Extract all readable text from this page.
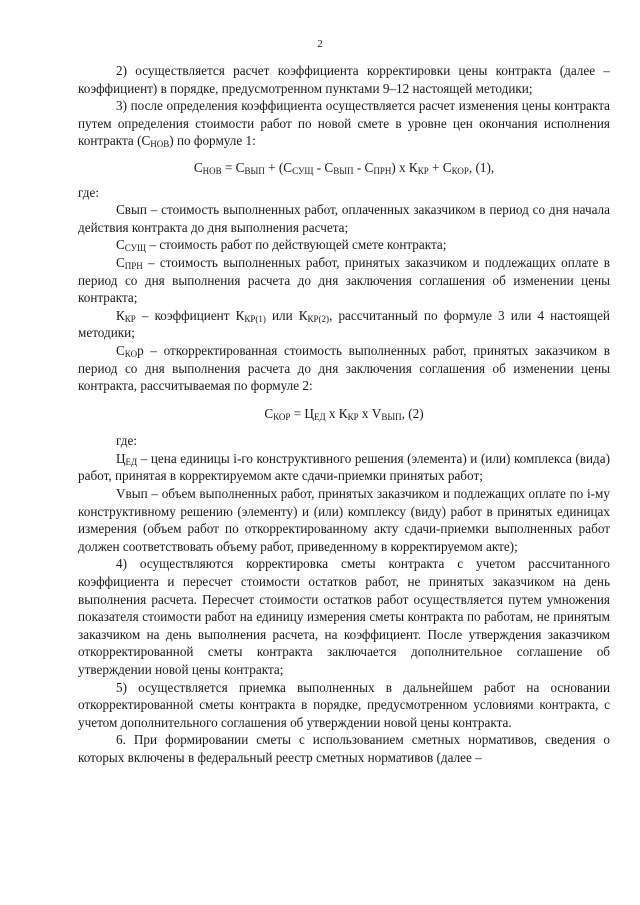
2

2) осуществляется расчет коэффициента корректировки цены контракта (далее – коэффициент) в порядке, предусмотренном пунктами 9–12 настоящей методики;

3) после определения коэффициента осуществляется расчет изменения цены контракта путем определения стоимости работ по новой смете в уровне цен окончания исполнения контракта $(С_{НОВ})$ по формуле 1:

$С_{НОВ} = С_{ВЫП} + (С_{СУЩ} - С_{ВЫП} - С_{ПРН})$ х $К_{КР} + С_{КОР}$, (1),

где:

Свып – стоимость выполненных работ, оплаченных заказчиком в период со дня начала действия контракта до дня выполнения расчета;

$С_{СУЩ}$ – стоимость работ по действующей смете контракта;

$С_{ПРН}$ – стоимость выполненных работ, принятых заказчиком и подлежащих оплате в период со дня выполнения расчета до дня заключения соглашения об изменении цены контракта;

$К_{КР}$ – коэффициент $К_{КР(1)}$ или $К_{КР(2)}$, рассчитанный по формуле 3 или 4 настоящей методики;

$С_{КО}р$ – откорректированная стоимость выполненных работ, принятых заказчиком в период со дня выполнения расчета до дня заключения соглашения об изменении цены контракта, рассчитываемая по формуле 2:

$С_{КОР} = Ц_{ЕД}$ х $К_{КР}$ х $V_{ВЫП}$, (2)

где:

$Ц_{ЕД}$ – цена единицы i-го конструктивного решения (элемента) и (или) комплекса (вида) работ, принятая в корректируемом акте сдачи-приемки принятых работ;

Vвып – объем выполненных работ, принятых заказчиком и подлежащих оплате по i-му конструктивному решению (элементу) и (или) комплексу (виду) работ в принятых единицах измерения (объем работ по откорректированному акту сдачи-приемки выполненных работ должен соответствовать объему работ, приведенному в корректируемом акте);

4) осуществляются корректировка сметы контракта с учетом рассчитанного коэффициента и пересчет стоимости остатков работ, не принятых заказчиком на день выполнения расчета. Пересчет стоимости остатков работ осуществляется путем умножения показателя стоимости работ на единицу измерения сметы контракта по работам, не принятым заказчиком на день выполнения расчета, на коэффициент. После утверждения заказчиком откорректированной сметы контракта заключается дополнительное соглашение об утверждении новой цены контракта;

5) осуществляется приемка выполненных в дальнейшем работ на основании откорректированной сметы контракта в порядке, предусмотренном условиями контракта, с учетом дополнительного соглашения об утверждении новой цены контракта.

6. При формировании сметы с использованием сметных нормативов, сведения о которых включены в федеральный реестр сметных нормативов (далее –
